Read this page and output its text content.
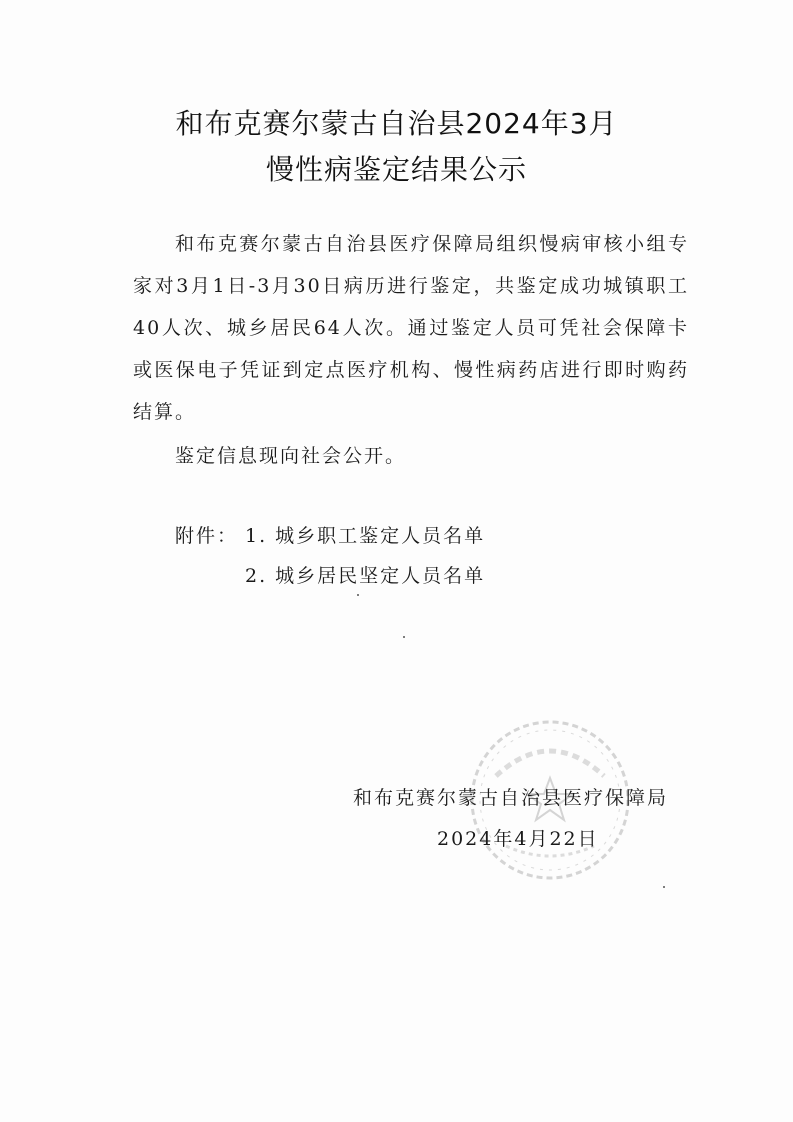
和布克赛尔蒙古自治县2024年3月
慢性病鉴定结果公示
和布克赛尔蒙古自治县医疗保障局组织慢病审核小组专家对3月1日-3月30日病历进行鉴定，共鉴定成功城镇职工40人次、城乡居民64人次。通过鉴定人员可凭社会保障卡或医保电子凭证到定点医疗机构、慢性病药店进行即时购药结算。
鉴定信息现向社会公开。
附件： 1. 城乡职工鉴定人员名单
2. 城乡居民坚定人员名单
和布克赛尔蒙古自治县医疗保障局
2024年4月22日
